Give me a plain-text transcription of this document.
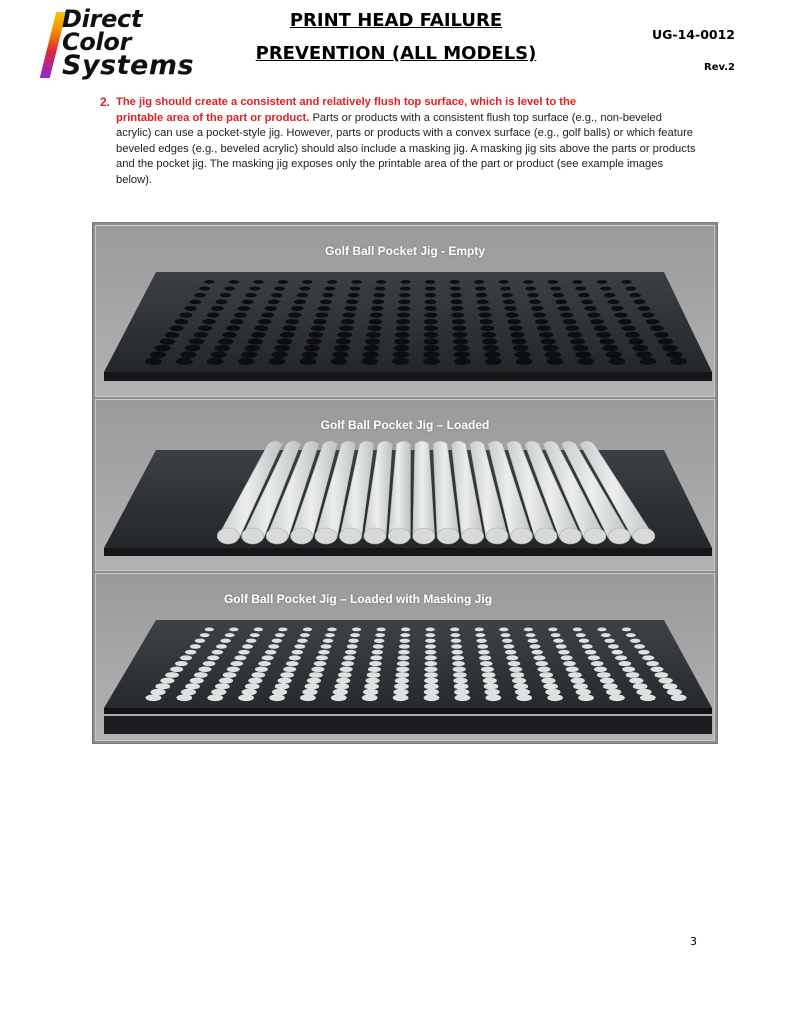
Direct
Color
Systems

PRINT HEAD FAILURE
PREVENTION (ALL MODELS)
UG-14-0012
Rev.2

2. The jig should create a consistent and relatively flush top surface, which is level to the
printable area of the part or product. Parts or products with a consistent flush top surface (e.g., non-beveled acrylic) can use a pocket-style jig. However, parts or products with a convex surface (e.g., golf balls) or which feature beveled edges (e.g., beveled acrylic) should also include a masking jig. A masking jig sits above the parts or products and the pocket jig. The masking jig exposes only the printable area of the part or product (see example images below).

Golf Ball Pocket Jig - Empty

Golf Ball Pocket Jig – Loaded

Golf Ball Pocket Jig – Loaded with Masking Jig

3
